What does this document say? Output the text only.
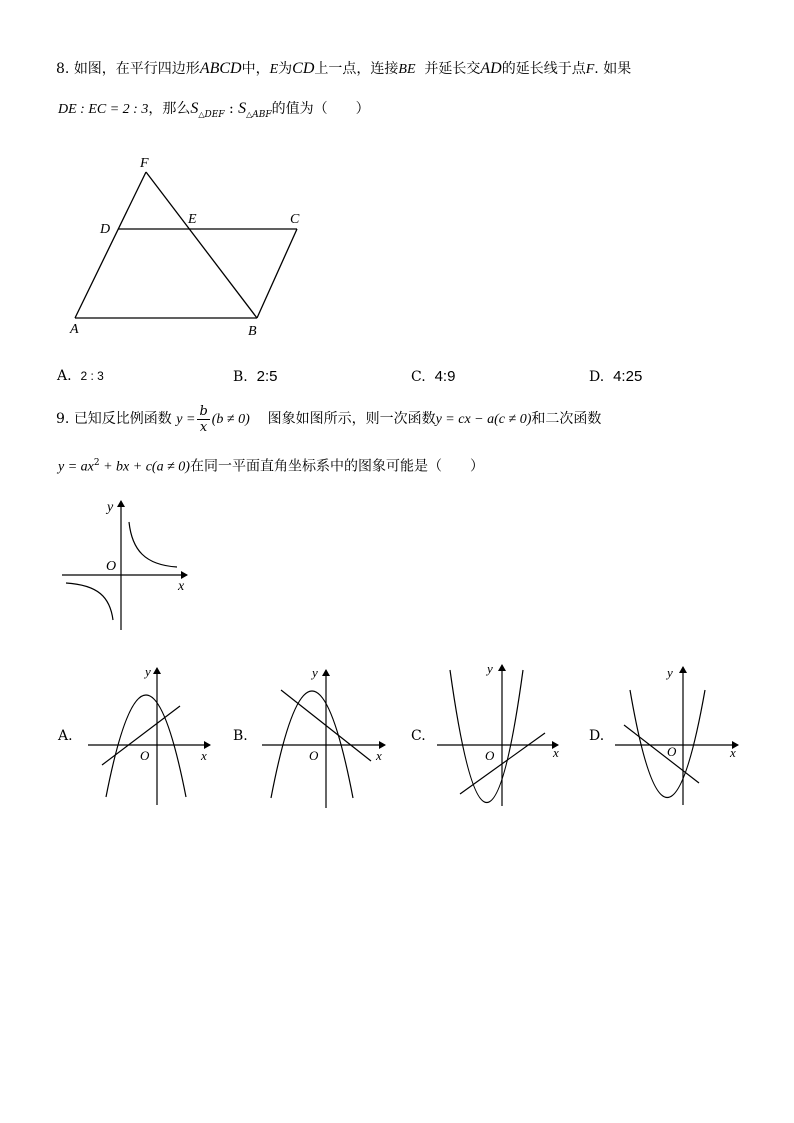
8. 如图，在平行四边形ABCD中，E为CD上一点，连接BE 并延长交AD的延长线于点F. 如果
DE : EC = 2 : 3，那么$S_{\triangle DEF}$ : $S_{\triangle ABF}$的值为（　　）
F
D
E	C
A	B
A. 2 : 3	B. 2:5	C. 4:9	D. 4:25
9. 已知反比例函数 $y = \frac{b}{x} (b \ne 0)$ 图象如图所示，则一次函数y = cx − a(c ≠ 0)和二次函数
$y = ax^2$ + bx + c(a ≠ 0)在同一平面直角坐标系中的图象可能是（　　）
y
O
x
A.	B.	C.	D.
y
O	x
y
O	x
y
O	x
y
O	x
